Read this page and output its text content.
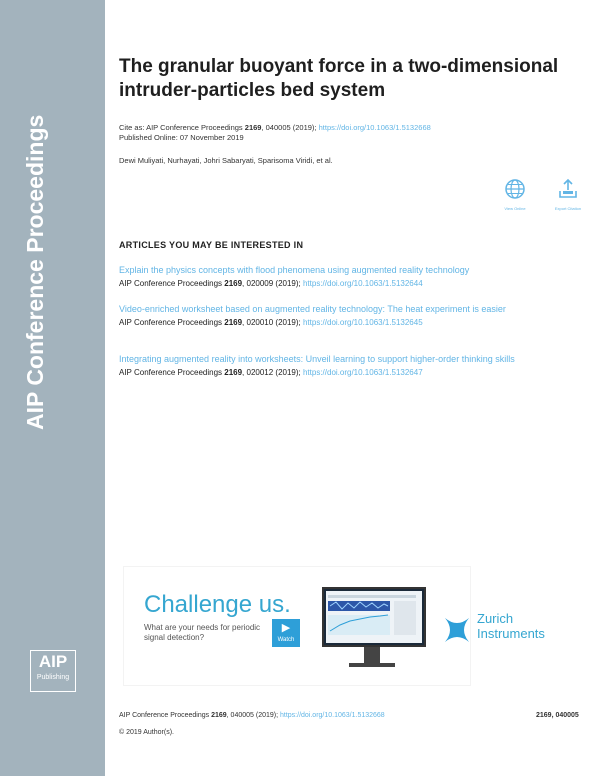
AIP Conference Proceedings
AIP
Publishing
The granular buoyant force in a two-dimensional intruder-particles bed system
Cite as: AIP Conference Proceedings 2169, 040005 (2019); https://doi.org/10.1063/1.5132668
Published Online: 07 November 2019
Dewi Muliyati, Nurhayati, Johri Sabaryati, Sparisoma Viridi, et al.
View Online	Export Citation
ARTICLES YOU MAY BE INTERESTED IN
Explain the physics concepts with flood phenomena using augmented reality technology
AIP Conference Proceedings 2169, 020009 (2019); https://doi.org/10.1063/1.5132644
Video-enriched worksheet based on augmented reality technology: The heat experiment is easier
AIP Conference Proceedings 2169, 020010 (2019); https://doi.org/10.1063/1.5132645
Integrating augmented reality into worksheets: Unveil learning to support higher-order thinking skills
AIP Conference Proceedings 2169, 020012 (2019); https://doi.org/10.1063/1.5132647
Challenge us.
What are your needs for periodic signal detection?
▶
Watch
Zurich
Instruments
AIP Conference Proceedings 2169, 040005 (2019); https://doi.org/10.1063/1.5132668	2169, 040005
© 2019 Author(s).
